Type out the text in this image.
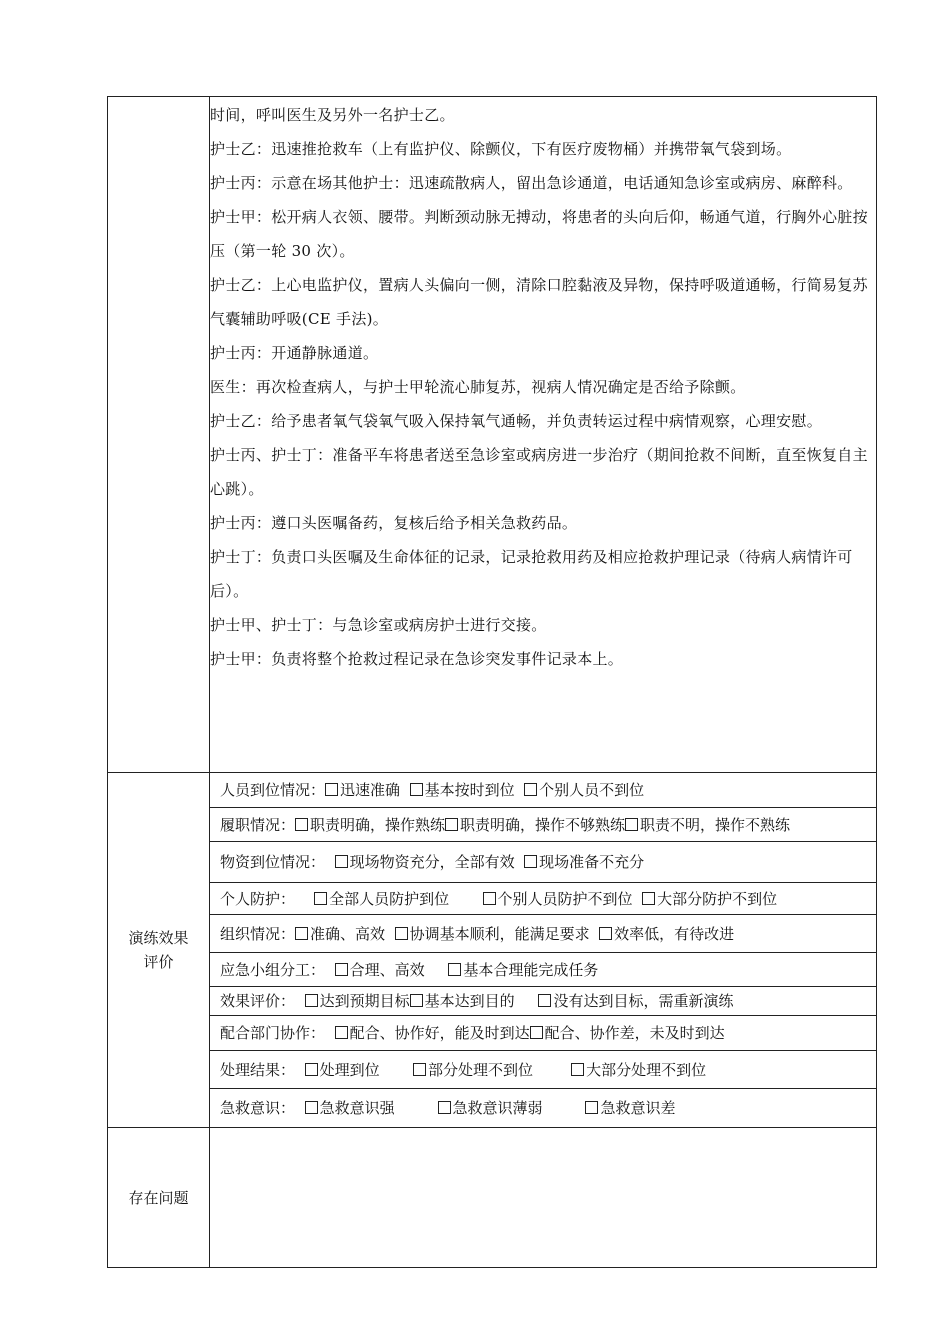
时间，呼叫医生及另外一名护士乙。

护士乙：迅速推抢救车（上有监护仪、除颤仪，下有医疗废物桶）并携带氧气袋到场。

护士丙：示意在场其他护士：迅速疏散病人，留出急诊通道，电话通知急诊室或病房、麻醉科。

护士甲：松开病人衣领、腰带。判断颈动脉无搏动，将患者的头向后仰，畅通气道，行胸外心脏按压（第一轮 30 次）。

护士乙：上心电监护仪，置病人头偏向一侧，清除口腔黏液及异物，保持呼吸道通畅，行简易复苏气囊辅助呼吸(CE 手法)。

护士丙：开通静脉通道。

医生：再次检查病人，与护士甲轮流心肺复苏，视病人情况确定是否给予除颤。

护士乙：给予患者氧气袋氧气吸入保持氧气通畅，并负责转运过程中病情观察，心理安慰。

护士丙、护士丁：准备平车将患者送至急诊室或病房进一步治疗（期间抢救不间断，直至恢复自主心跳）。

护士丙：遵口头医嘱备药，复核后给予相关急救药品。

护士丁：负责口头医嘱及生命体征的记录，记录抢救用药及相应抢救护理记录（待病人病情许可后）。

护士甲、护士丁：与急诊室或病房护士进行交接。

护士甲：负责将整个抢救过程记录在急诊突发事件记录本上。

演练效果
评价

人员到位情况： 迅速准确 基本按时到位 个别人员不到位
履职情况： 职责明确，操作熟练 职责明确，操作不够熟练 职责不明，操作不熟练
物资到位情况： 现场物资充分，全部有效 现场准备不充分
个人防护： 全部人员防护到位	个别人员防护不到位 大部分防护不到位
组织情况： 准确、高效 协调基本顺利，能满足要求 效率低，有待改进
应急小组分工： 合理、高效	基本合理能完成任务
效果评价： 达到预期目标 基本达到目的	没有达到目标，需重新演练
配合部门协作： 配合、协作好，能及时到达 配合、协作差，未及时到达
处理结果： 处理到位	部分处理不到位	大部分处理不到位
急救意识： 急救意识强	急救意识薄弱	急救意识差

存在问题
